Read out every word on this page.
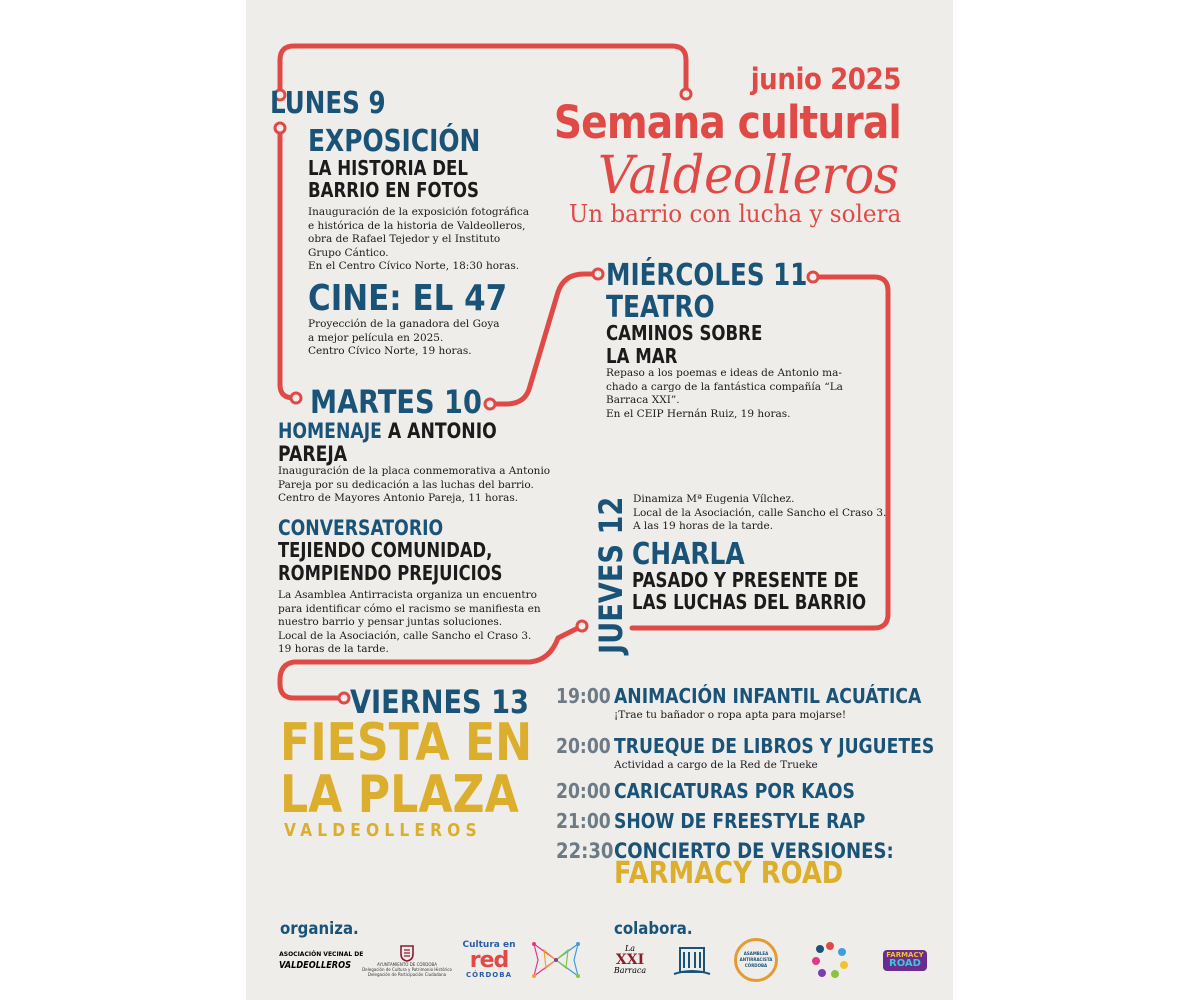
junio 2025
Semana cultural
Valdeolleros
Un barrio con lucha y solera
LUNES 9
EXPOSICIÓN
LA HISTORIA DEL
BARRIO EN FOTOS
Inauguración de la exposición fotográfica
e histórica de la historia de Valdeolleros,
obra de Rafael Tejedor y el Instituto
Grupo Cántico.
En el Centro Cívico Norte, 18:30 horas.
CINE: EL 47
Proyección de la ganadora del Goya
a mejor película en 2025.
Centro Cívico Norte, 19 horas.
MARTES 10
HOMENAJE A ANTONIO
PAREJA
Inauguración de la placa conmemorativa a Antonio
Pareja por su dedicación a las luchas del barrio.
Centro de Mayores Antonio Pareja, 11 horas.
CONVERSATORIO
TEJIENDO COMUNIDAD,
ROMPIENDO PREJUICIOS
La Asamblea Antirracista organiza un encuentro
para identificar cómo el racismo se manifiesta en
nuestro barrio y pensar juntas soluciones.
Local de la Asociación, calle Sancho el Craso 3.
19 horas de la tarde.
MIÉRCOLES 11
TEATRO
CAMINOS SOBRE
LA MAR
Repaso a los poemas e ideas de Antonio ma-
chado a cargo de la fantástica compañía “La
Barraca XXI”.
En el CEIP Hernán Ruiz, 19 horas.
JUEVES 12 Dinamiza Mª Eugenia Vílchez.
Local de la Asociación, calle Sancho el Craso 3.
A las 19 horas de la tarde.
CHARLA
PASADO Y PRESENTE DE
LAS LUCHAS DEL BARRIO
VIERNES 13
FIESTA EN
LA PLAZA
VALDEOLLEROS
19:00 ANIMACIÓN INFANTIL ACUÁTICA
¡Trae tu bañador o ropa apta para mojarse!
20:00 TRUEQUE DE LIBROS Y JUGUETES
Actividad a cargo de la Red de Trueke
20:00 CARICATURAS POR KAOS
21:00 SHOW DE FREESTYLE RAP
22:30 CONCIERTO DE VERSIONES:
FARMACY ROAD
organiza.	colabora.
ASOCIACIÓN VECINAL DE
VALDEOLLEROS	AYUNTAMIENTO DE CÓRDOBA
Delegación de Cultura y Patrimonio Histórico
Delegación de Participación Ciudadana
Cultura en
red
CÓRDOBA
La
XXI
Barraca
ASAMBLEA
ANTIRRACISTA
CÓRDOBA
FARMACY
ROAD
